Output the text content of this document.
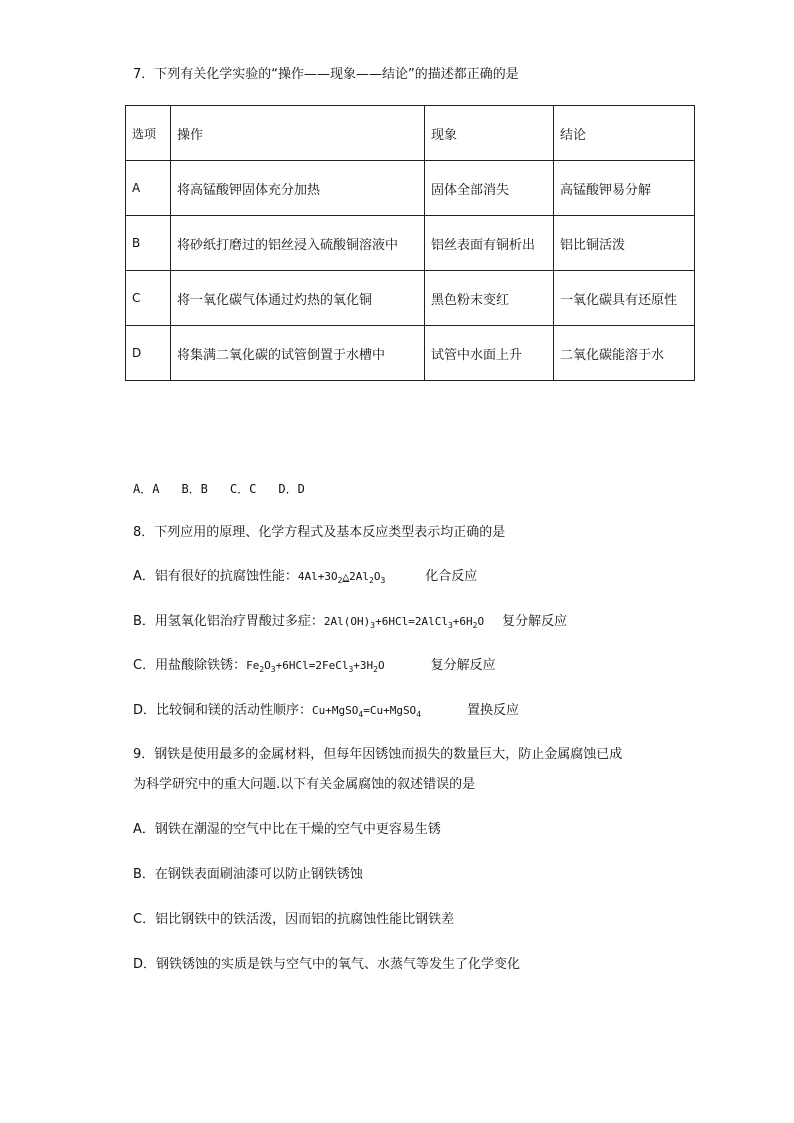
7．下列有关化学实验的“操作——现象——结论”的描述都正确的是
选项	操作	现象	结论
A	将高锰酸钾固体充分加热	固体全部消失	高锰酸钾易分解
B	将砂纸打磨过的铝丝浸入硫酸铜溶液中	铝丝表面有铜析出	铝比铜活泼
C	将一氧化碳气体通过灼热的氧化铜	黑色粉末变红	一氧化碳具有还原性
D	将集满二氧化碳的试管倒置于水槽中	试管中水面上升	二氧化碳能溶于水
A．A B．B C．C D．D
8．下列应用的原理、化学方程式及基本反应类型表示均正确的是
A．铝有很好的抗腐蚀性能：$4Al+3O_2\triangle 2Al_2O_3$	化合反应
B．用氢氧化铝治疗胃酸过多症：$2Al(OH)_3+6HCl=2AlCl_3+6H_2O$ 复分解反应
C．用盐酸除铁锈：$Fe_2O_3+6HCl=2FeCl_3+3H_2O$	复分解反应
D．比较铜和镁的活动性顺序：Cu+MgSO$_4$=Cu+MgSO$_4$	置换反应
9．钢铁是使用最多的金属材料，但每年因锈蚀而损失的数量巨大，防止金属腐蚀已成
为科学研究中的重大问题.以下有关金属腐蚀的叙述错误的是
A．钢铁在潮湿的空气中比在干燥的空气中更容易生锈
B．在钢铁表面刷油漆可以防止钢铁锈蚀
C．铝比钢铁中的铁活泼，因而铝的抗腐蚀性能比钢铁差
D．钢铁锈蚀的实质是铁与空气中的氧气、水蒸气等发生了化学变化
